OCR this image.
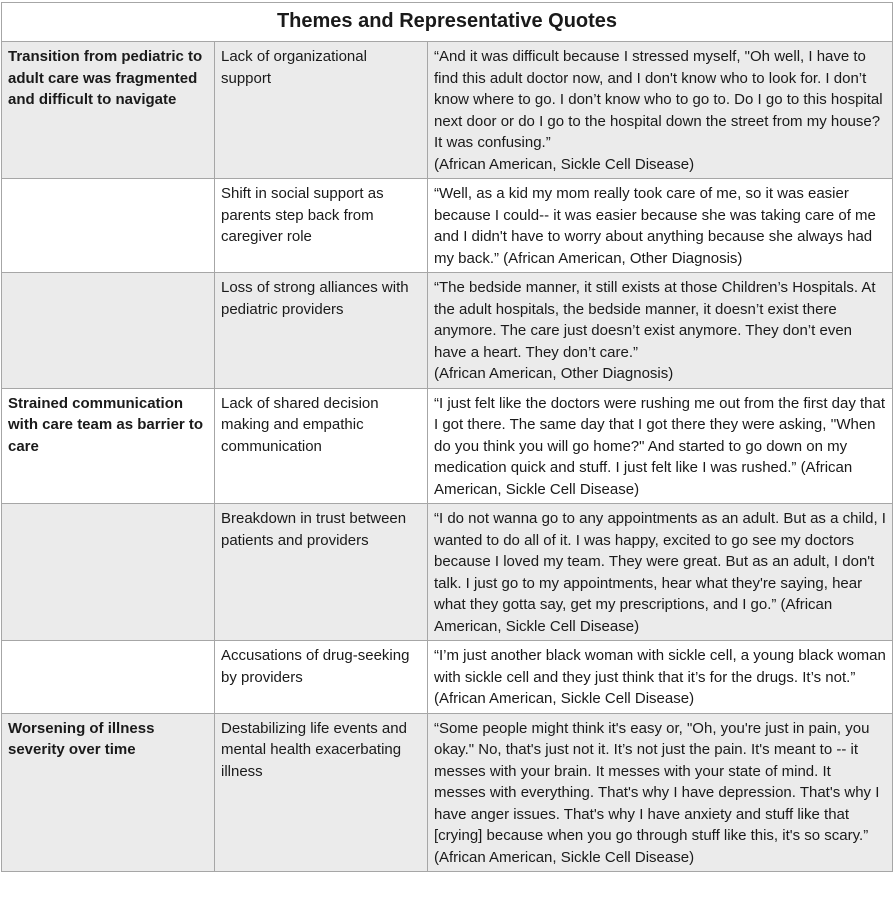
Themes and Representative Quotes		
Transition from pediatric to adult care was fragmented and difficult to navigate	Lack of organizational support	“And it was difficult because I stressed myself, "Oh well, I have to find this adult doctor now, and I don't know who to look for. I don’t know where to go. I don’t know who to go to. Do I go to this hospital next door or do I go to the hospital down the street from my house? It was confusing.”
(African American, Sickle Cell Disease)
	Shift in social support as parents step back from caregiver role	“Well, as a kid my mom really took care of me, so it was easier because I could-- it was easier because she was taking care of me and I didn't have to worry about anything because she always had my back.” (African American, Other Diagnosis)
	Loss of strong alliances with pediatric providers	“The bedside manner, it still exists at those Children’s Hospitals. At the adult hospitals, the bedside manner, it doesn’t exist there anymore. The care just doesn’t exist anymore. They don’t even have a heart. They don’t care.”
(African American, Other Diagnosis)
Strained communication with care team as barrier to care	Lack of shared decision making and empathic communication	“I just felt like the doctors were rushing me out from the first day that I got there. The same day that I got there they were asking, ''When do you think you will go home?" And started to go down on my medication quick and stuff. I just felt like I was rushed.” (African American, Sickle Cell Disease)
	Breakdown in trust between patients and providers	“I do not wanna go to any appointments as an adult. But as a child, I wanted to do all of it. I was happy, excited to go see my doctors because I loved my team. They were great. But as an adult, I don't talk. I just go to my appointments, hear what they're saying, hear what they gotta say, get my prescriptions, and I go.” (African American, Sickle Cell Disease)
	Accusations of drug-seeking by providers	“I’m just another black woman with sickle cell, a young black woman with sickle cell and they just think that it’s for the drugs. It’s not.” (African American, Sickle Cell Disease)
Worsening of illness severity over time	Destabilizing life events and mental health exacerbating illness	“Some people might think it's easy or, "Oh, you're just in pain, you okay." No, that's just not it. It’s not just the pain. It's meant to -- it messes with your brain. It messes with your state of mind. It messes with everything. That's why I have depression. That's why I have anger issues. That's why I have anxiety and stuff like that [crying] because when you go through stuff like this, it's so scary.” (African American, Sickle Cell Disease)
